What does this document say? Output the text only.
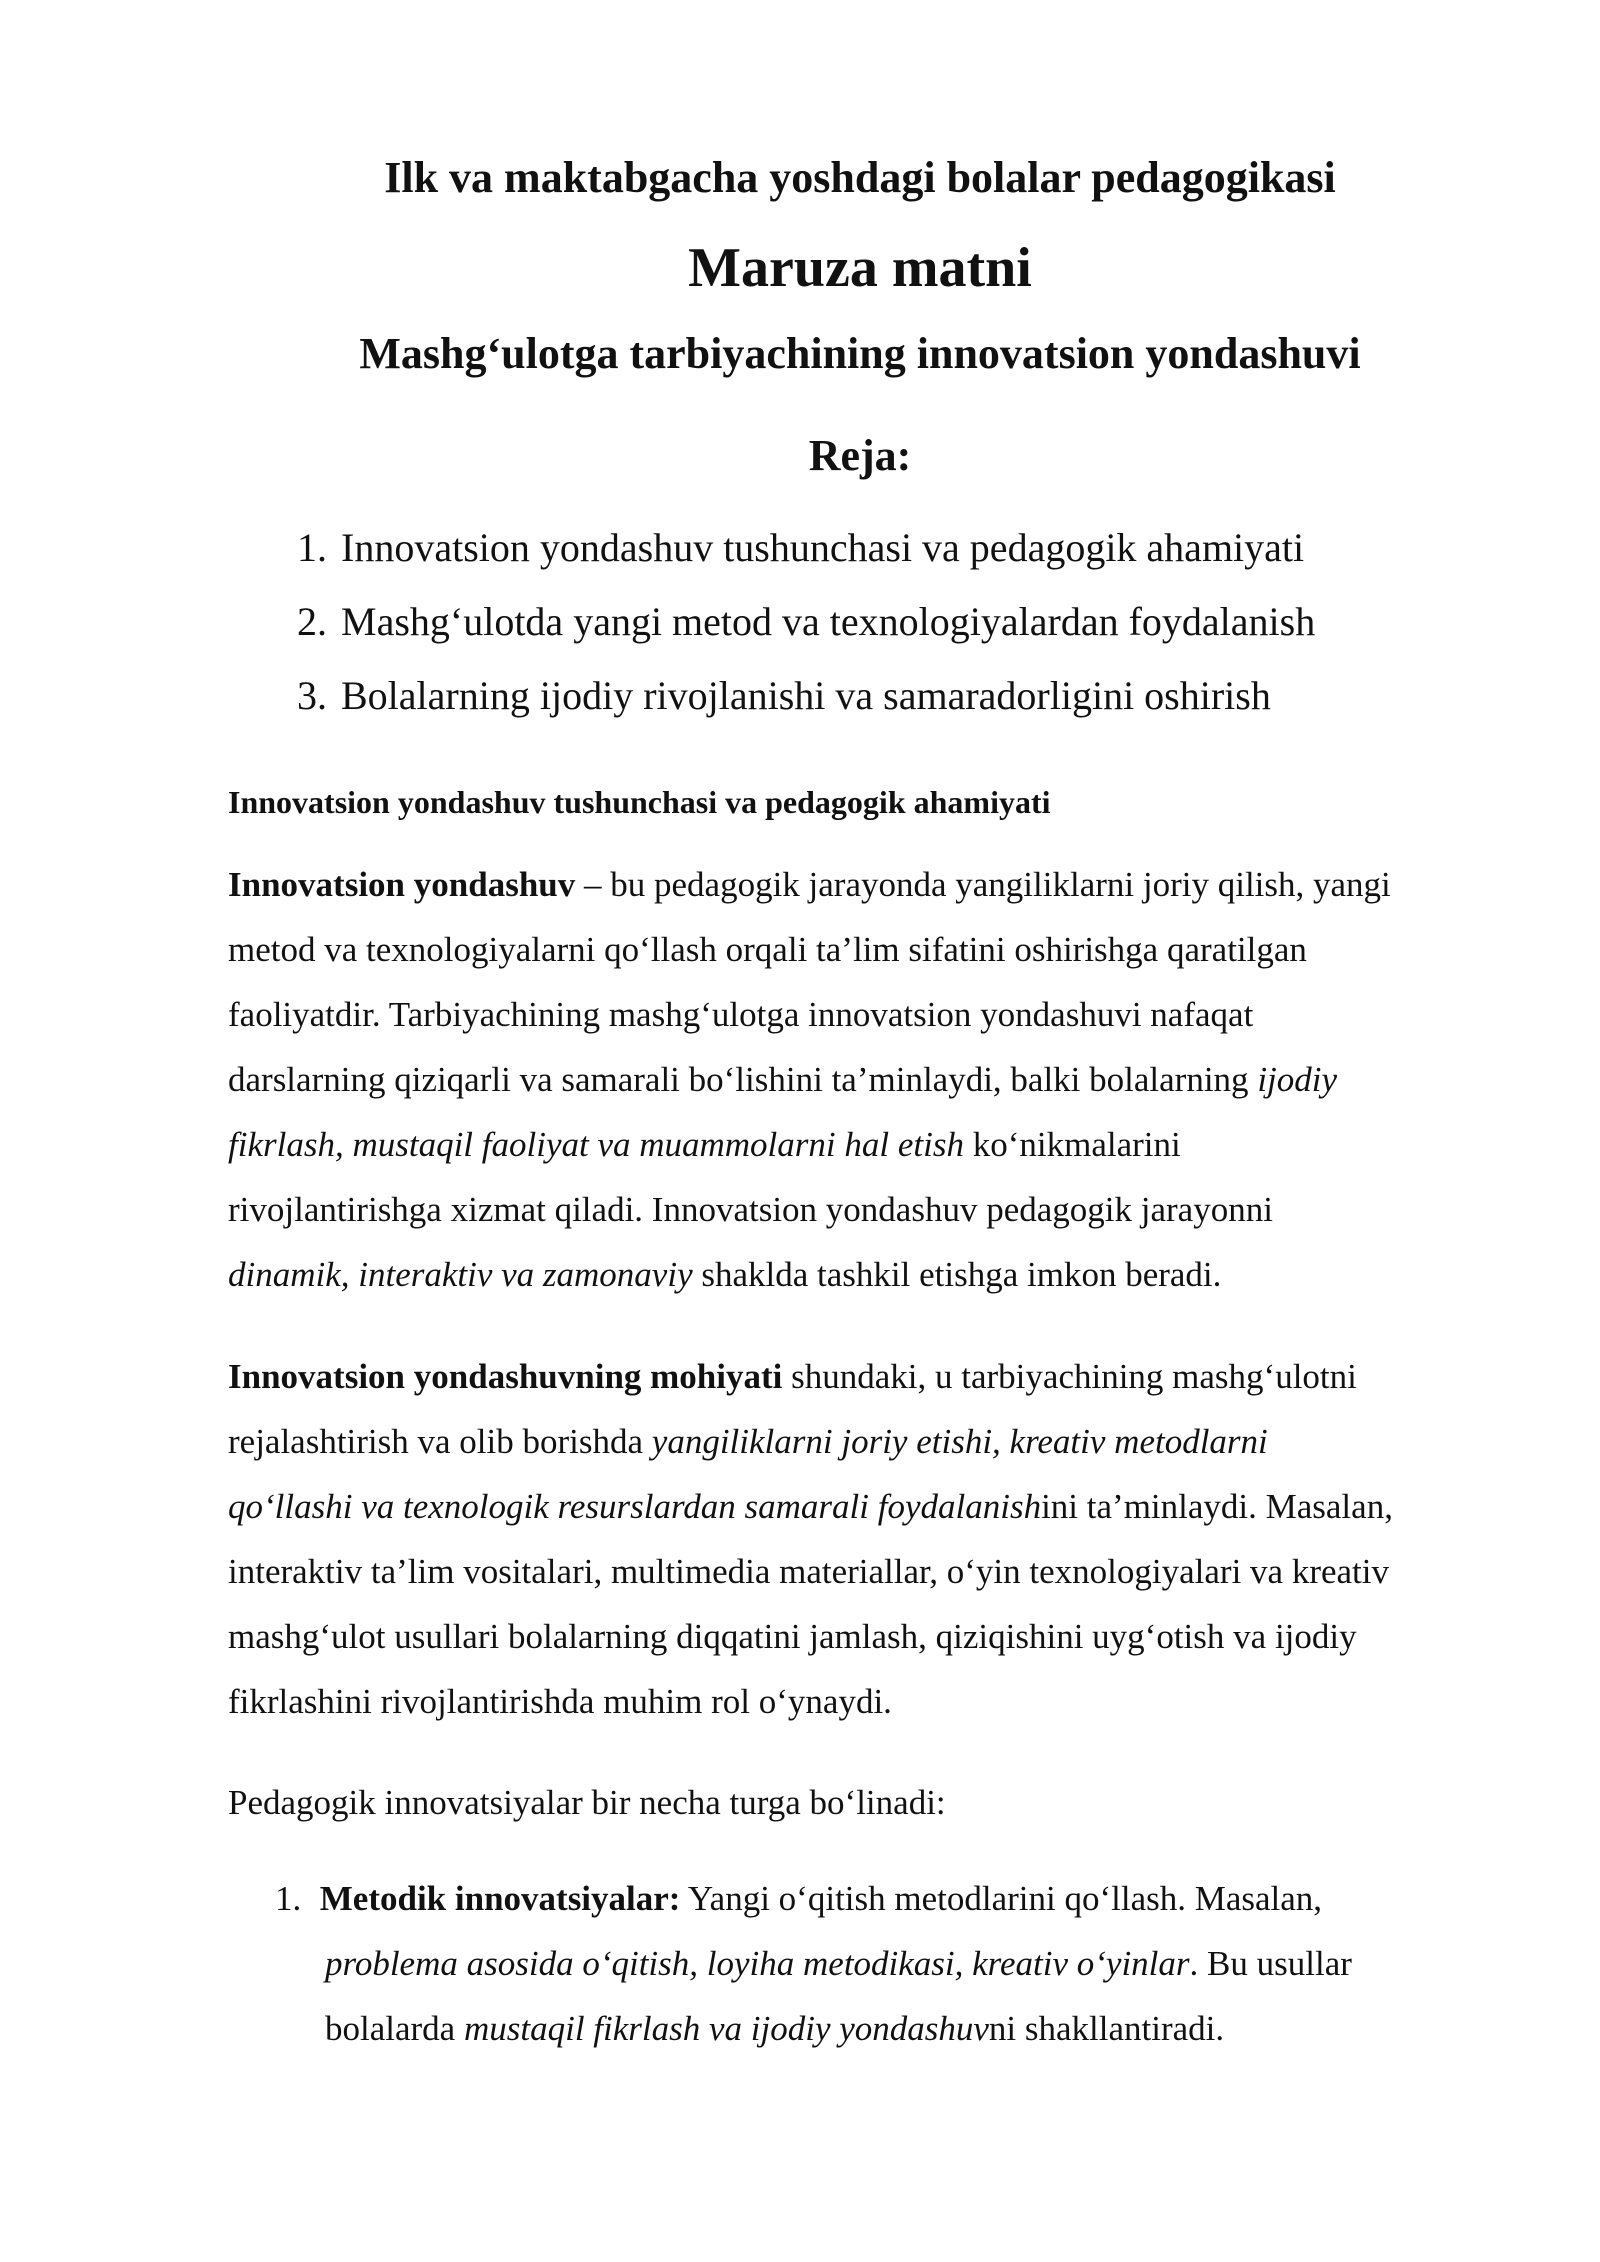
Ilk va maktabgacha yoshdagi bolalar pedagogikasi
Maruza matni
Mashg‘ulotga tarbiyachining innovatsion yondashuvi
Reja:
1. Innovatsion yondashuv tushunchasi va pedagogik ahamiyati
2. Mashg‘ulotda yangi metod va texnologiyalardan foydalanish
3. Bolalarning ijodiy rivojlanishi va samaradorligini oshirish
Innovatsion yondashuv tushunchasi va pedagogik ahamiyati

Innovatsion yondashuv – bu pedagogik jarayonda yangiliklarni joriy qilish, yangi
metod va texnologiyalarni qo‘llash orqali ta’lim sifatini oshirishga qaratilgan
faoliyatdir. Tarbiyachining mashg‘ulotga innovatsion yondashuvi nafaqat
darslarning qiziqarli va samarali bo‘lishini ta’minlaydi, balki bolalarning ijodiy
fikrlash, mustaqil faoliyat va muammolarni hal etish ko‘nikmalarini
rivojlantirishga xizmat qiladi. Innovatsion yondashuv pedagogik jarayonni
dinamik, interaktiv va zamonaviy shaklda tashkil etishga imkon beradi.

Innovatsion yondashuvning mohiyati shundaki, u tarbiyachining mashg‘ulotni
rejalashtirish va olib borishda yangiliklarni joriy etishi, kreativ metodlarni
qo‘llashi va texnologik resurslardan samarali foydalanishini ta’minlaydi. Masalan,
interaktiv ta’lim vositalari, multimedia materiallar, o‘yin texnologiyalari va kreativ
mashg‘ulot usullari bolalarning diqqatini jamlash, qiziqishini uyg‘otish va ijodiy
fikrlashini rivojlantirishda muhim rol o‘ynaydi.

Pedagogik innovatsiyalar bir necha turga bo‘linadi:

1. Metodik innovatsiyalar: Yangi o‘qitish metodlarini qo‘llash. Masalan,
problema asosida o‘qitish, loyiha metodikasi, kreativ o‘yinlar. Bu usullar
bolalarda mustaqil fikrlash va ijodiy yondashuvni shakllantiradi.
